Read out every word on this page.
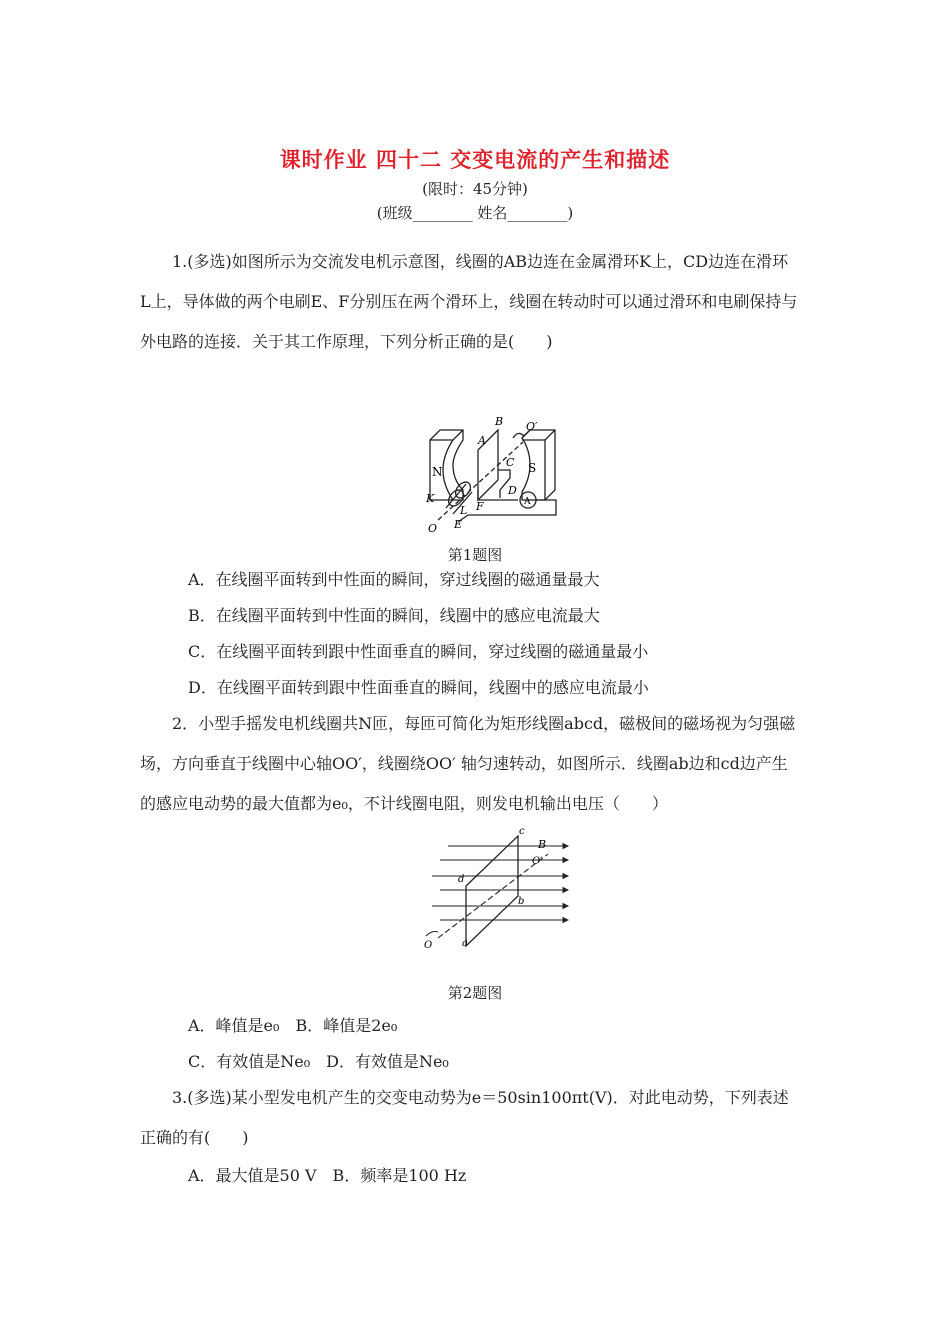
课时作业 四十二 交变电流的产生和描述
(限时：45分钟)
(班级________ 姓名________)
1.(多选)如图所示为交流发电机示意图，线圈的AB边连在金属滑环K上，CD边连在滑环
L上，导体做的两个电刷E、F分别压在两个滑环上，线圈在转动时可以通过滑环和电刷保持与
外电路的连接．关于其工作原理，下列分析正确的是(　　)
B
A
O′
N	S
C
D
K
F
L
O E
A
第1题图
A．在线圈平面转到中性面的瞬间，穿过线圈的磁通量最大
B．在线圈平面转到中性面的瞬间，线圈中的感应电流最大
C．在线圈平面转到跟中性面垂直的瞬间，穿过线圈的磁通量最小
D．在线圈平面转到跟中性面垂直的瞬间，线圈中的感应电流最小
2．小型手摇发电机线圈共N匝，每匝可简化为矩形线圈abcd，磁极间的磁场视为匀强磁
场，方向垂直于线圈中心轴OO′，线圈绕OO′ 轴匀速转动，如图所示．线圈ab边和cd边产生
的感应电动势的最大值都为e₀，不计线圈电阻，则发电机输出电压（　　）
c
B
O′
d
b
O	a
第2题图
A．峰值是e₀　B．峰值是2e₀
C．有效值是Ne₀　D．有效值是Ne₀
3.(多选)某小型发电机产生的交变电动势为e＝50sin100πt(V)．对此电动势，下列表述
正确的有(　　)
A．最大值是50 V　B．频率是100 Hz
